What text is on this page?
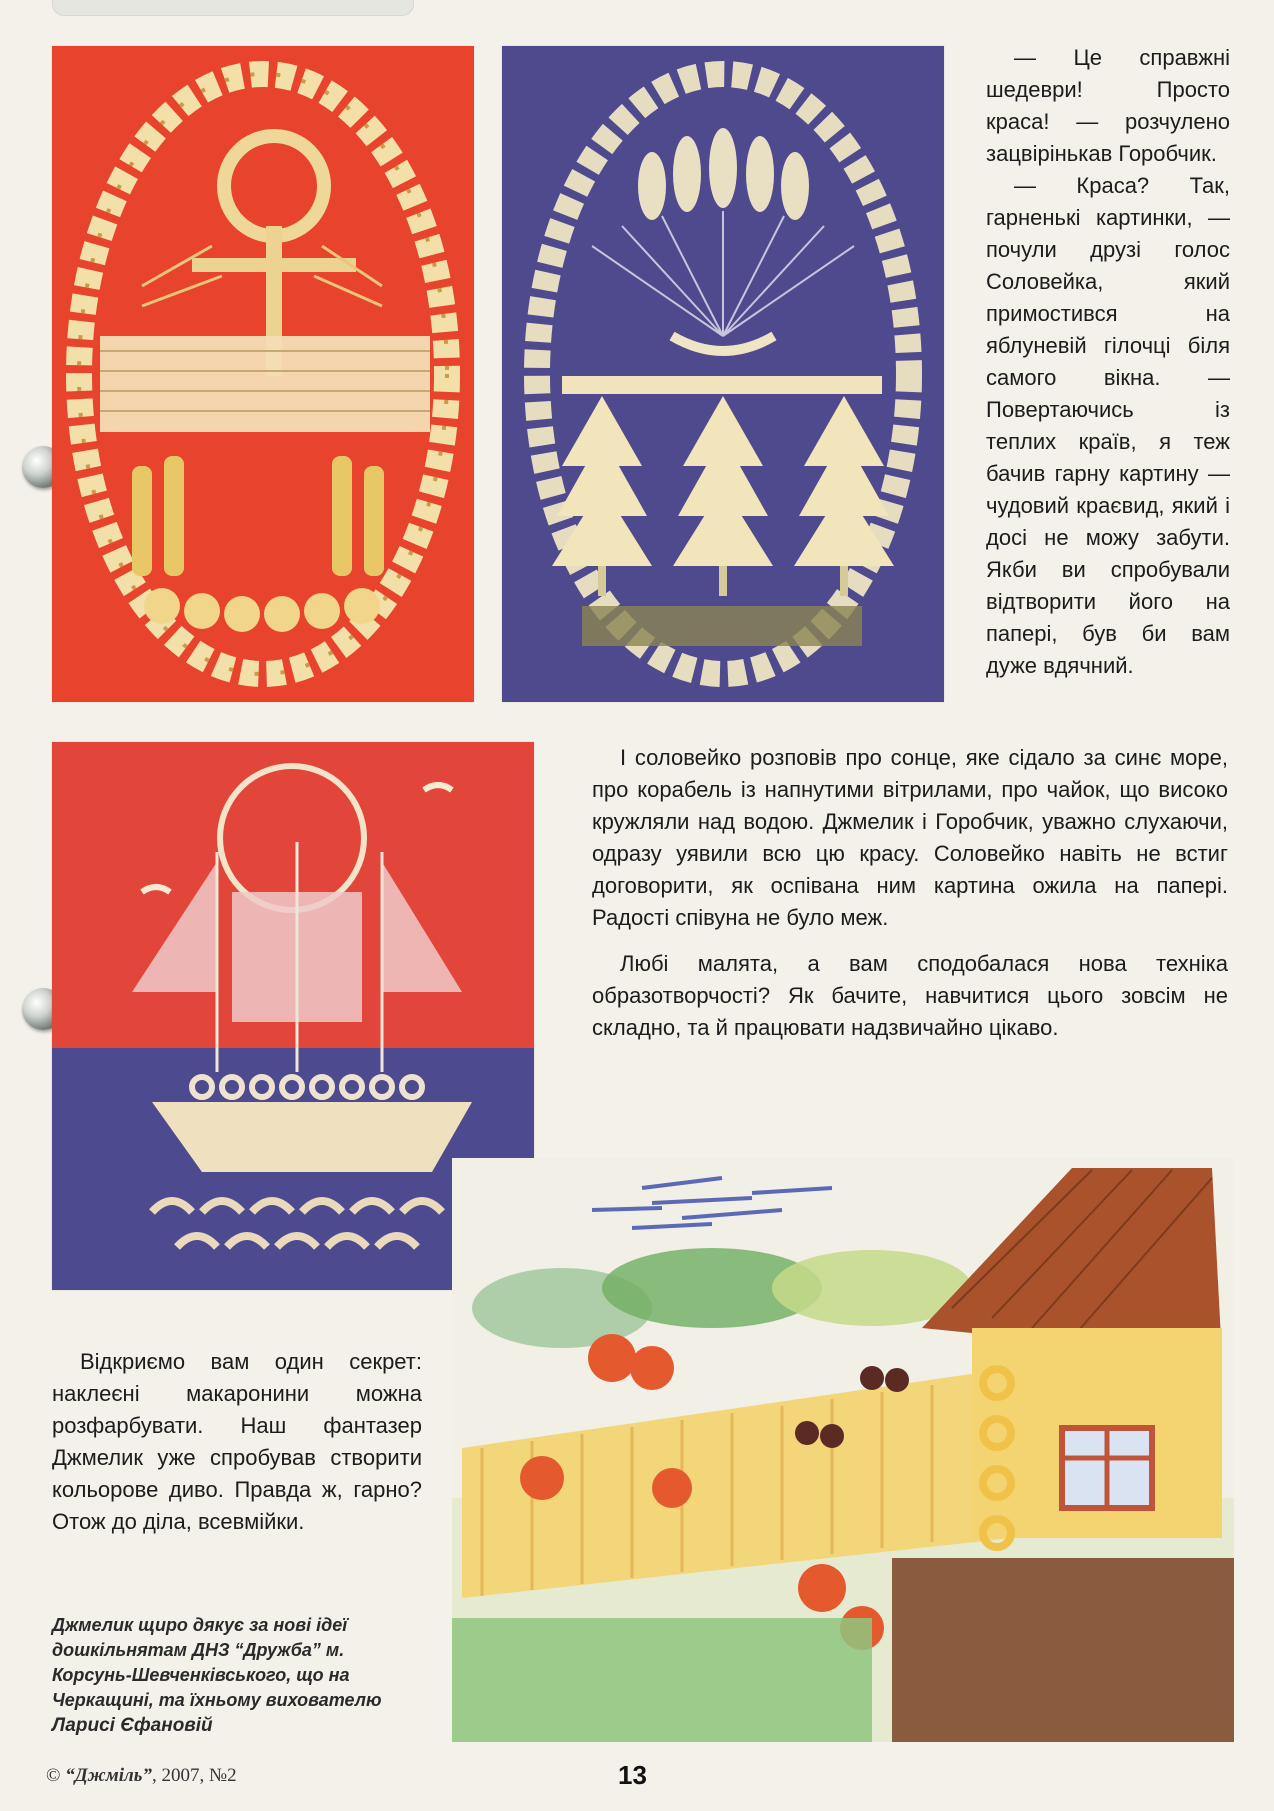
— Це справжні шедеври! Просто краса! — розчулено зацвірінькав Горобчик.

— Краса? Так, гарненькі картинки, — почули друзі голос Соловейка, який примостився на яблуневій гілочці біля самого вікна. — Повертаючись із теплих країв, я теж бачив гарну картину — чудовий краєвид, який і досі не можу забути. Якби ви спробували відтворити його на папері, був би вам дуже вдячний.

І соловейко розповів про сонце, яке сідало за синє море, про корабель із напнутими вітрилами, про чайок, що високо кружляли над водою. Джмелик і Горобчик, уважно слухаючи, одразу уявили всю цю красу. Соловейко навіть не встиг договорити, як оспівана ним картина ожила на папері. Радості співуна не було меж.

Любі малята, а вам сподобалася нова техніка образотворчості? Як бачите, навчитися цього зовсім не складно, та й працювати надзвичайно цікаво.

Відкриємо вам один секрет: наклеєні макаронини можна розфарбувати. Наш фантазер Джмелик уже спробував створити кольорове диво. Правда ж, гарно? Отож до діла, всевмійки.

Джмелик щиро дякує за нові ідеї дошкільнятам ДНЗ “Дружба” м. Корсунь-Шевченківського, що на Черкащині, та їхньому вихователю Ларисі Єфановій
© “Джміль”, 2007, №2	13
